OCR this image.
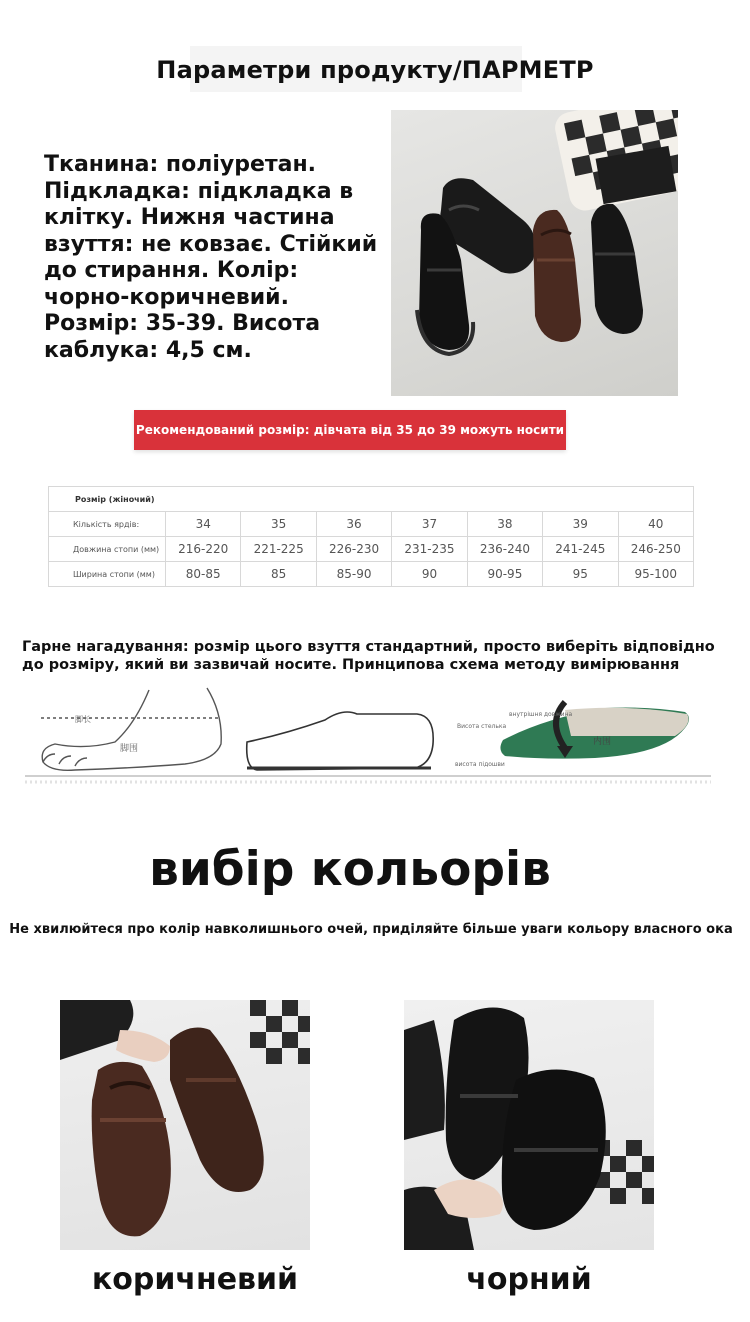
Параметри продукту/ПАРМЕТР
Тканина: поліуретан. Підкладка: підкладка в клітку. Нижня частина взуття: не ковзає. Стійкий до стирання. Колір: чорно-коричневий. Розмір: 35-39. Висота каблука: 4,5 см.
Рекомендований розмір: дівчата від 35 до 39 можуть носити його
Розмір (жіночий)							
Кількість ярдів:	34	35	36	37	38	39	40
Довжина стопи (мм)	216-220	221-225	226-230	231-235	236-240	241-245	246-250
Ширина стопи (мм)	80-85	85	85-90	90	90-95	95	95-100
Гарне нагадування: розмір цього взуття стандартний, просто виберіть відповідно до розміру, який ви зазвичай носите. Принципова схема методу вимірювання
脚长
脚围
Висота стелька
висота підошви
внутрішня довжина
内围
вибір кольорів
Не хвилюйтеся про колір навколишнього очей, приділяйте більше уваги кольору власного ока
коричневий	чорний
